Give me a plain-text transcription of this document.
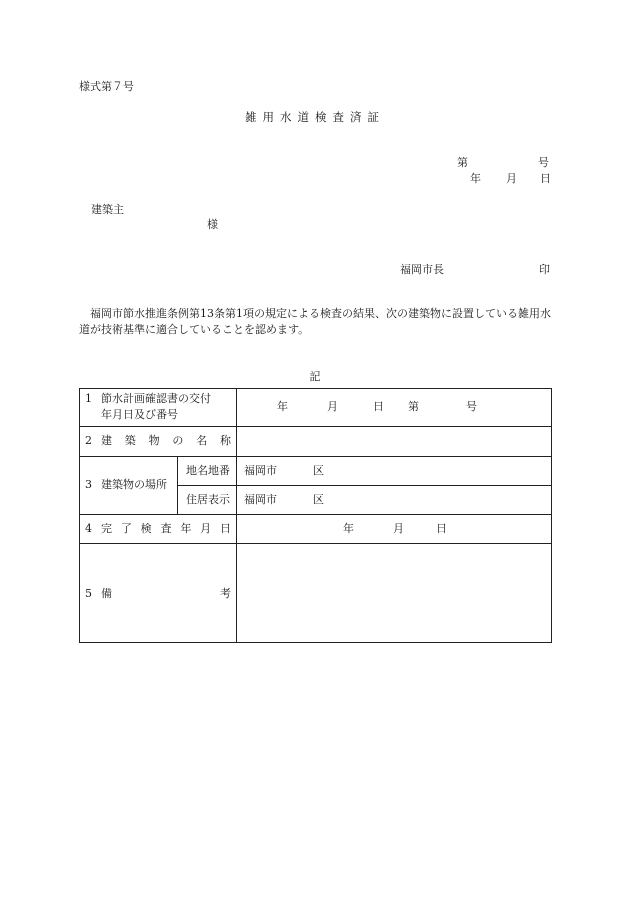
様式第７号
雑用水道検査済証
第	号
年 月 日
建築主
様
福岡市長	印
福岡市節水推進条例第13条第1項の規定による検査の結果、次の建築物に設置している雑用水道が技術基準に適合していることを認めます。
記
1 節水計画確認書の交付
年月日及び番号
年	月	日 第	号
2 建 築 物 の 名 称
3 建築物の場所
地名地番 福岡市	区
住居表示 福岡市	区
4 完 了 検 査 年 月 日	年	月	日
5 備	考
